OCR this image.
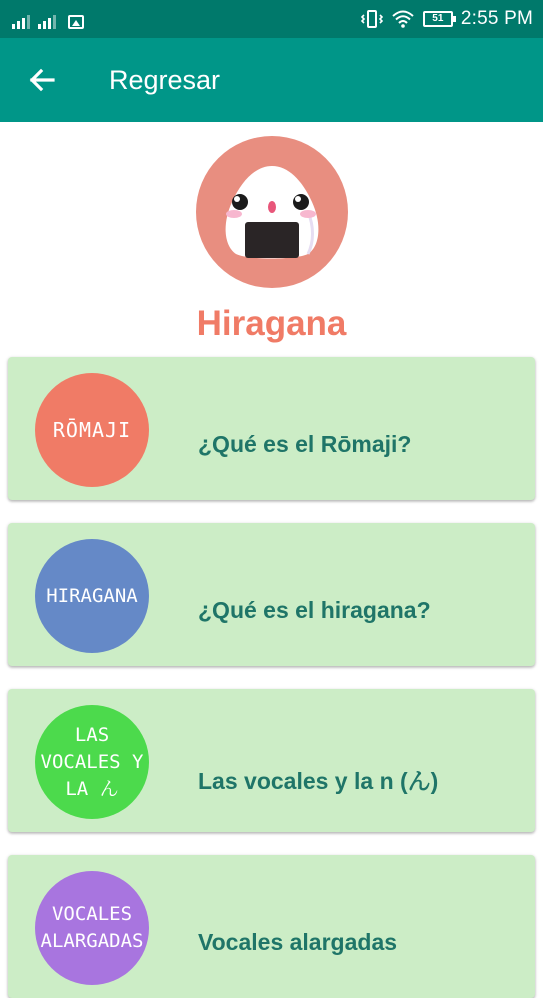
51 2:55 PM
Regresar
Hiragana
RŌMAJI
¿Qué es el Rōmaji?
HIRAGANA
¿Qué es el hiragana?
LAS VOCALES Y LA ん	Las vocales y la n (ん)
VOCALES ALARGADAS Vocales alargadas
